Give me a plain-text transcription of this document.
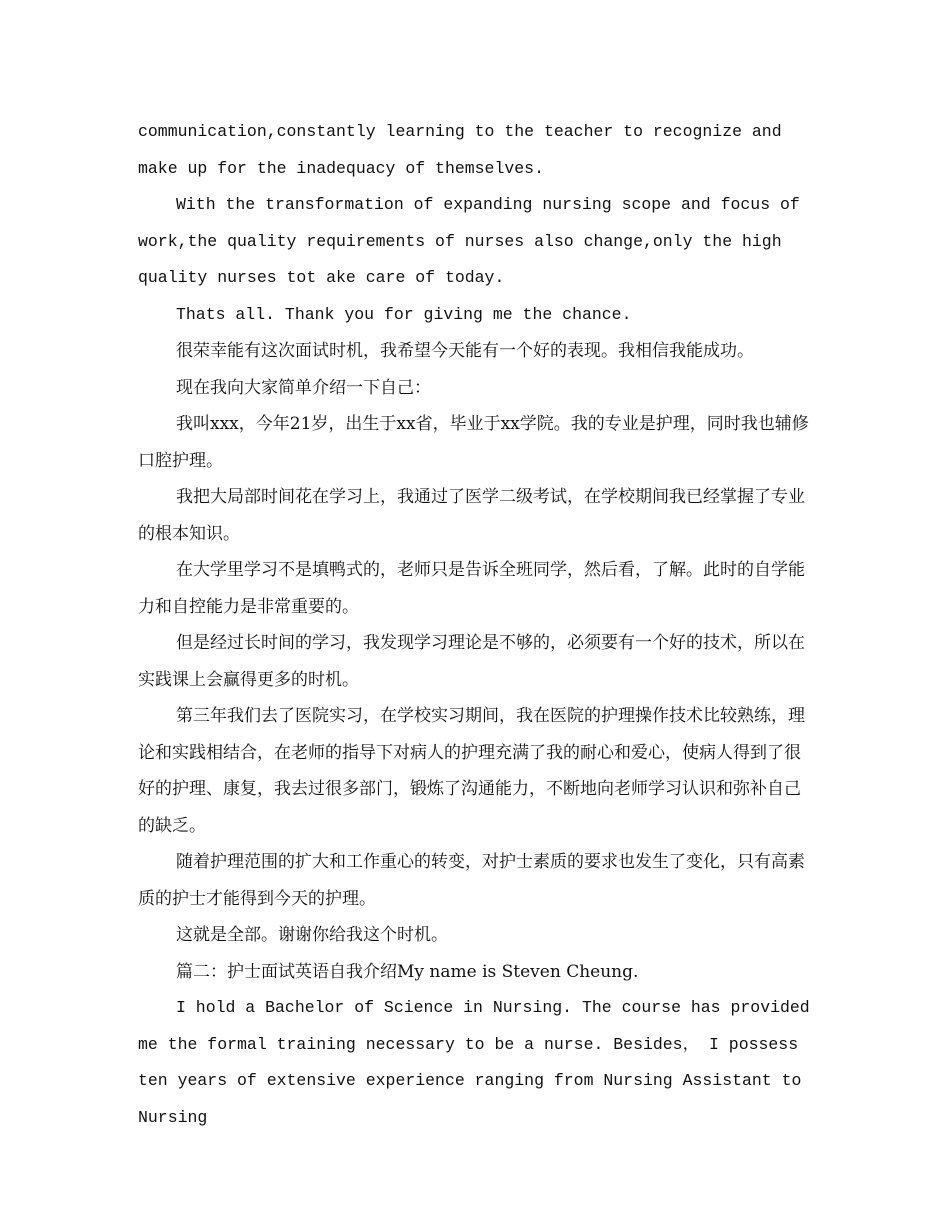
communication,constantly learning to the teacher to recognize and make up for the inadequacy of themselves.

With the transformation of expanding nursing scope and focus of work,the quality requirements of nurses also change,only the high quality nurses tot ake care of today.

Thats all. Thank you for giving me the chance.

很荣幸能有这次面试时机，我希望今天能有一个好的表现。我相信我能成功。

现在我向大家简单介绍一下自己：

我叫xxx，今年21岁，出生于xx省，毕业于xx学院。我的专业是护理，同时我也辅修口腔护理。

我把大局部时间花在学习上，我通过了医学二级考试，在学校期间我已经掌握了专业的根本知识。

在大学里学习不是填鸭式的，老师只是告诉全班同学，然后看，了解。此时的自学能力和自控能力是非常重要的。

但是经过长时间的学习，我发现学习理论是不够的，必须要有一个好的技术，所以在实践课上会赢得更多的时机。

第三年我们去了医院实习，在学校实习期间，我在医院的护理操作技术比较熟练，理论和实践相结合，在老师的指导下对病人的护理充满了我的耐心和爱心，使病人得到了很好的护理、康复，我去过很多部门，锻炼了沟通能力，不断地向老师学习认识和弥补自己的缺乏。

随着护理范围的扩大和工作重心的转变，对护士素质的要求也发生了变化，只有高素质的护士才能得到今天的护理。

这就是全部。谢谢你给我这个时机。

篇二：护士面试英语自我介绍My name is Steven Cheung.

I hold a Bachelor of Science in Nursing. The course has provided me the formal training necessary to be a nurse. Besides， I possess ten years of extensive experience ranging from Nursing Assistant to Nursing
